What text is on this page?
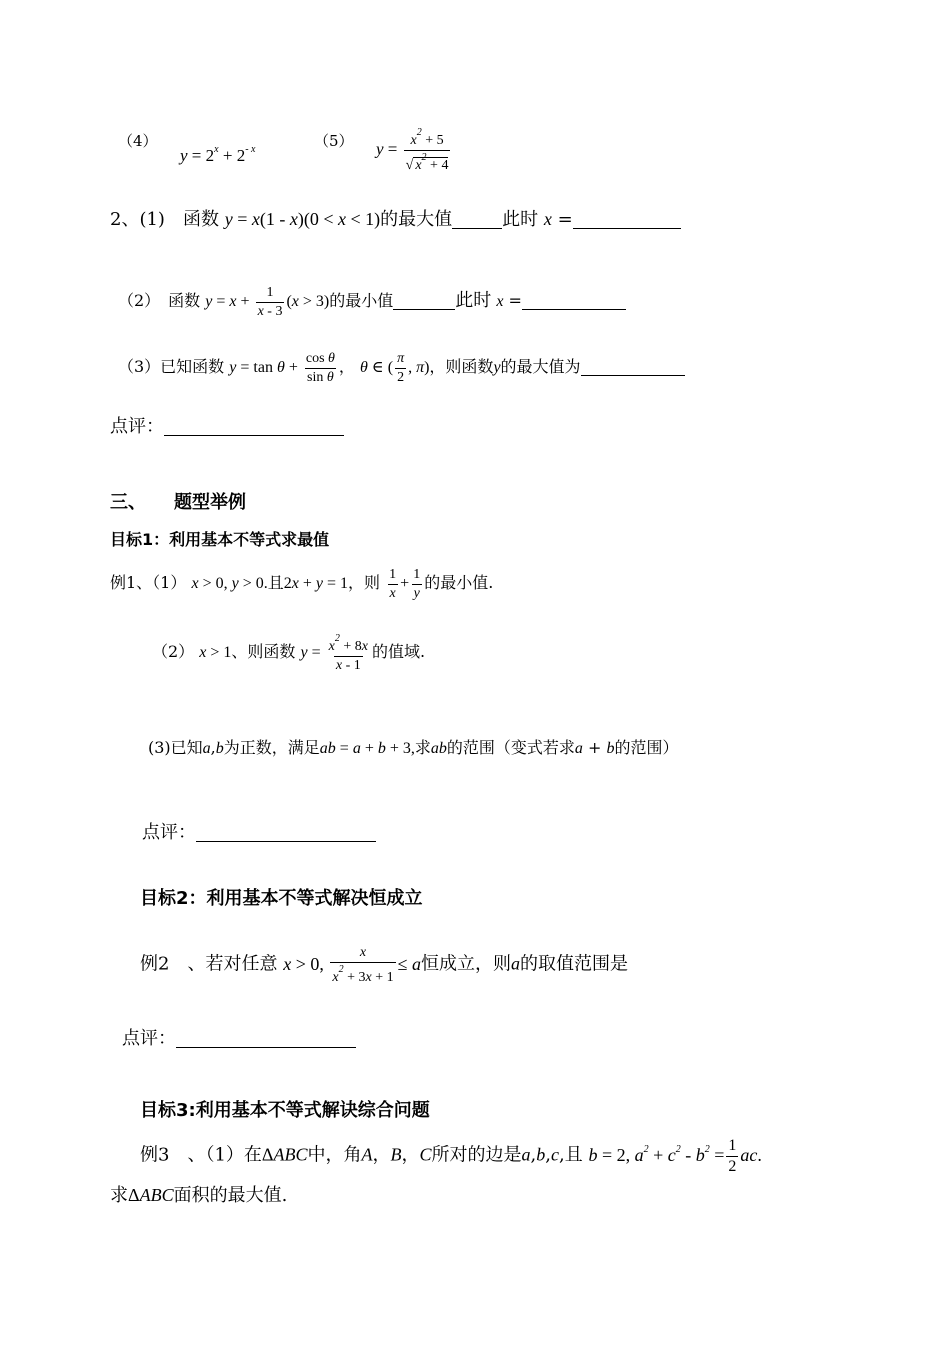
（4）
$y = 2^x + 2^{- x}$	（5） $y = \frac{x^2 + 5}{√ x^2 + 4}$
2、(1)　函数 y = x(1 - x)(0 < x < 1)的最大值	此时 x =
（2）　函数 $y = x + \frac{1}{x - 3} (x > 3)$的最小值	此时 x =
（3）已知函数 $y = \tan \theta + \frac{\text{cos θ}}{\text{sin θ}}$ ， θ ∈ ( $\frac{\pi}{2}$ , π)，则函数y的最大值为
点评：
三、 题型举例
目标1：利用基本不等式求最值
例1、（1） x > 0, y > 0.且2x + y = 1，则 $\frac{1}{x} + \frac{1}{y}$ 的最小值.
（2） x > 1、则函数 $y = \frac{x^2 + 8x}{x - 1}$ 的值域.
(3)已知a,b为正数，满足ab = a + b + 3,求ab的范围（变式若求a + b的范围）
点评：
目标2：利用基本不等式解决恒成立
例2　、若对任意 x > 0, $\frac{x}{x^2 + 3x + 1} \le a$恒成立，则a的取值范围是
点评：
目标3:利用基本不等式解诀综合问题
例3　、（1）在ΔABC中，角A，B，C所对的边是a,b,c,且 b = 2, $a^2 + c^2 - b^2 = \frac{1}{2}$ ac.
求ΔABC面积的最大值.
